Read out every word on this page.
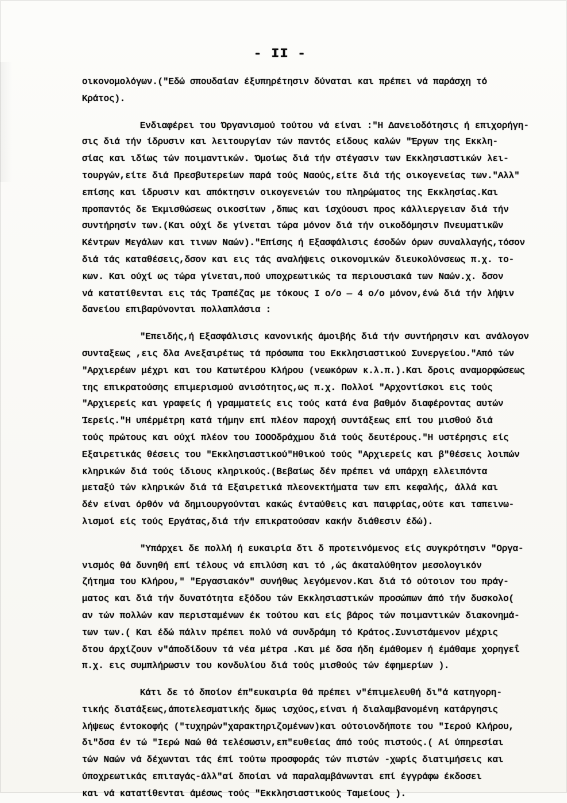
- II -
οικονομολόγων.("Εδώ σπουδαίαν έξυπηρέτησιν δύναται και πρέπει νά παράσχη τό
Κράτος).
Ενδιαφέρει του Όργανισμού τούτου νά είναι :"Η Δανειοδότησις ή επιχορήγη-
σις διά τήν ίδρυσιν και λειτουργίαν τών παντός είδους καλών "Έργων της Εκκλη-
σίας και ιδίως τών ποιμαντικών. Όμοίως διά τήν στέγασιν των Εκκλησιαστικών λει-
τουργών,είτε διά Πρεσβυτερείων παρά τούς Ναούς,είτε διά τής οικογενείας των."Αλλ"
επίσης και ίδρυσιν και απόκτησιν οικογενειών του πληρώματος της Εκκλησίας.Και
προπαντός δε Έκμισθώσεως οικοσίτων ,δπως και ίσχύουσι προς κάλλιεργειαν διά τήν
συντήρησίν των.(Και ούχί δε γίνεται τώρα μόνον διά τήν οικοδόμησιν Πνευματικῶν
Κέντρων Μεγάλων και τινων Ναών)."Επίσης ή Εξασφάλισις έσοδών όρων συναλλαγής,τόσον
διά τάς καταθέσεις,δσον και εις τάς αναλήψεις οικονομικών διευκολύνσεως π.χ. το-
κων. Και ούχί ως τώρα γίνεται,πού υποχρεωτικώς τα περιουσιακά των Ναών.χ. δσον
νά κατατίθενται εις τάς Τραπέζας με τόκους I ο/ο — 4 ο/ο μόνον,ένώ διά τήν λήψιν
δανείου επιβαρύνονται πολλαπλάσια :
"Επειδής,ή Εξασφάλισις κανονικής άμοιβής διά τήν συντήρησιν και ανάλογον
συνταξεως ,εις δλα Ανεξαιρέτως τά πρόσωπα του Εκκλησιαστικού Συνεργείου."Από τών
"Αρχιερέων μέχρι και του Κατωτέρου Κλήρου (νεωκόρων κ.λ.π.).Και δροις αναμορφώσεως
της επικρατούσης επιμερισμού ανισότητος,ως π.χ. Πολλοί "Αρχοντίσκοι εις τούς
"Αρχιερείς και γραφείς ή γραμματείς εις τούς κατά ένα βαθμόν διαφέροντας αυτών
Ίερείς."Η υπέρμέτρη κατά τήμην επί πλέον παροχή συντάξεως επί του μισθού διά
τούς πρώτους και ούχί πλέον του ΙΟΟΟδράχμου διά τούς δευτέρους."Η υστέρησις είς
Εξαιρετικάς θέσεις του "Εκκλησιαστικού"Ηθικού τούς "Αρχιερείς και β"θέσεις λοιπών
κληρικών διά τούς ίδιους κληρικούς.(Βεβαίως δέν πρέπει νά υπάρχη ελλειπόντα
μεταξύ τών κληρικών διά τά Εξαιρετικά πλεονεκτήματα των επι κεφαλής, άλλά και
δέν είναι όρθόν νά δημιουργούνται κακώς ένταύθεις και παιφρίας,ούτε και ταπεινω-
λισμοί είς τούς Εργάτας,διά τήν επικρατούσαν κακήν διάθεσιν έδώ).
"Υπάρχει δε πολλή ή ευκαιρία δτι δ προτεινόμενος είς συγκρότησιν "Οργα-
νισμός θά δυνηθή επί τέλους νά επιλύση και τό ,ώς άκαταλύθητον μεσολογικόν
ζήτημα του Κλήρου," "Εργασιακόν" συνήθως λεγόμενον.Και διά τό ούτοιον του πράγ-
ματος και διά τήν δυνατότητα εξόδου τών Εκκλησιαστικών προσώπων άπό τήν δυσκολο(
αν τών πολλών καν περισταμένων έκ τούτου και είς βάρος τών ποιμαντικών διακονημά-
των των.( Και έδώ πάλιν πρέπει πολύ νά συνδράμη τό Κράτος.Συνιστάμενον μέχρις
δτου άρχίζουν ν"άποδίδουν τά νέα μέτρα .Και μέ δσα ήδη έμάθομεν ή έμάθαμε χορηγεΐ
π.χ. εις συμπλήρωσιν του κονδυλίου διά τούς μισθούς τών έφημερίων ).
Κάτι δε τό δποίον έπ"ευκαιρία θά πρέπει ν"έπιμελευθή δι"ά κατηγορη-
τικής διατάξεως,άποτελεσματικής δμως ισχύος,είναι ή διαλαμβανομένη κατάργησις
λήψεως έντοκοφής ("τυχηρών"χαρακτηριζομένων)και ούτοιονδήποτε του "Ιερού Κλήρου,
δι"δσα έν τώ "Ιερώ Ναώ θά τελέσωσιν,επ"ευθείας άπό τούς πιστούς.( Αί ύπηρεσίαι
τών Ναών νά δέχωνται τάς έπί τούτω προσφοράς τών πιστών -χωρίς διατιμήσεις και
ύποχρεωτικάς επιταγάς-άλλ"αί δποίαι νά παραλαμβάνωνται επί έγγράφω έκδοσει
και νά κατατίθενται άμέσως τούς "Εκκλησιαστικούς Ταμείους ).
